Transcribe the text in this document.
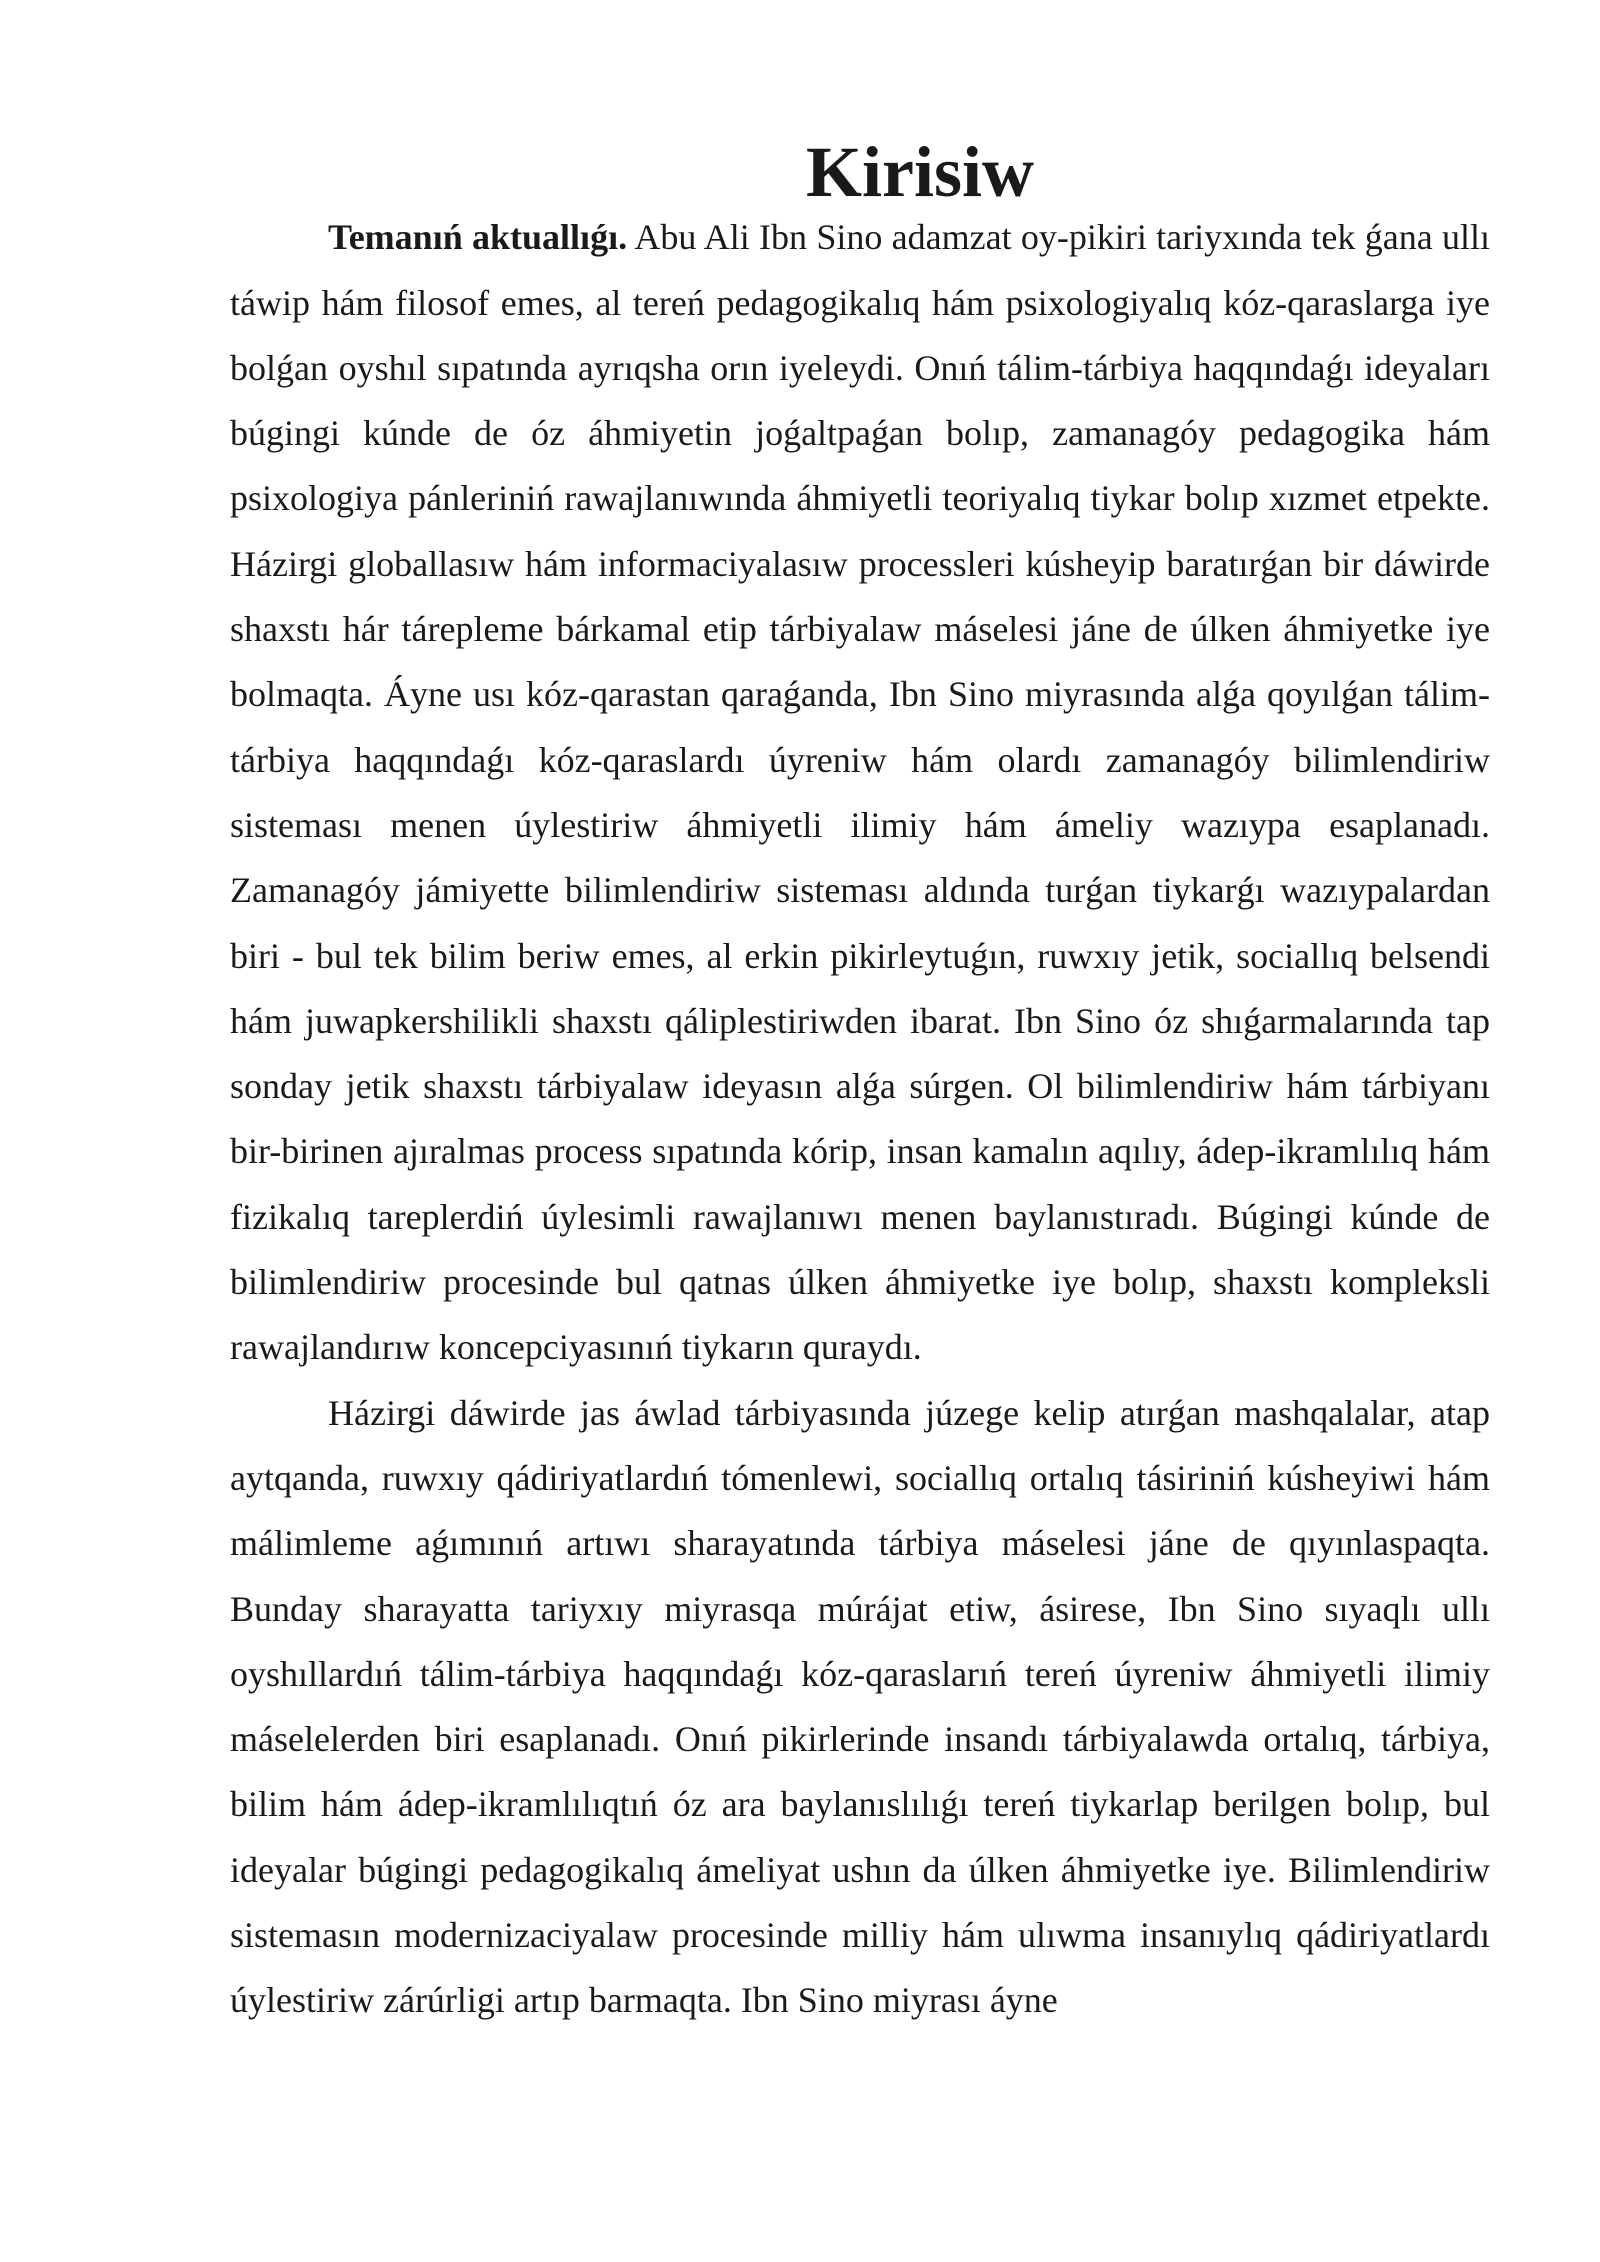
Kirisiw

Temanıń aktuallıǵı. Abu Ali Ibn Sino adamzat oy-pikiri tariyxında tek ǵana ullı táwip hám filosof emes, al tereń pedagogikalıq hám psixologiyalıq kóz-qaraslarga iye bolǵan oyshıl sıpatında ayrıqsha orın iyeleydi. Onıń tálim-tárbiya haqqındaǵı ideyaları búgingi kúnde de óz áhmiyetin joǵaltpaǵan bolıp, zamanagóy pedagogika hám psixologiya pánleriniń rawajlanıwında áhmiyetli teoriyalıq tiykar bolıp xızmet etpekte. Házirgi globallasıw hám informaciyalasıw processleri kúsheyip baratırǵan bir dáwirde shaxstı hár tárepleme bárkamal etip tárbiyalaw máselesi jáne de úlken áhmiyetke iye bolmaqta. Áyne usı kóz-qarastan qaraǵanda, Ibn Sino miyrasında alǵa qoyılǵan tálim-tárbiya haqqındaǵı kóz-qaraslardı úyreniw hám olardı zamanagóy bilimlendiriw sisteması menen úylestiriw áhmiyetli ilimiy hám ámeliy wazıypa esaplanadı. Zamanagóy jámiyette bilimlendiriw sisteması aldında turǵan tiykarǵı wazıypalardan biri - bul tek bilim beriw emes, al erkin pikirleytuǵın, ruwxıy jetik, sociallıq belsendi hám juwapkershilikli shaxstı qáliplestiriwden ibarat. Ibn Sino óz shıǵarmalarında tap sonday jetik shaxstı tárbiyalaw ideyasın alǵa súrgen. Ol bilimlendiriw hám tárbiyanı bir-birinen ajıralmas process sıpatında kórip, insan kamalın aqılıy, ádep-ikramlılıq hám fizikalıq tareplerdiń úylesimli rawajlanıwı menen baylanıstıradı. Búgingi kúnde de bilimlendiriw procesinde bul qatnas úlken áhmiyetke iye bolıp, shaxstı kompleksli rawajlandırıw koncepciyasınıń tiykarın quraydı.

Házirgi dáwirde jas áwlad tárbiyasında júzege kelip atırǵan mashqalalar, atap aytqanda, ruwxıy qádiriyatlardıń tómenlewi, sociallıq ortalıq tásiriniń kúsheyiwi hám málimleme aǵımınıń artıwı sharayatında tárbiya máselesi jáne de qıyınlaspaqta. Bunday sharayatta tariyxıy miyrasqa múrájat etiw, ásirese, Ibn Sino sıyaqlı ullı oyshıllardıń tálim-tárbiya haqqındaǵı kóz-qaraslarıń tereń úyreniw áhmiyetli ilimiy máselelerden biri esaplanadı. Onıń pikirlerinde insandı tárbiyalawda ortalıq, tárbiya, bilim hám ádep-ikramlılıqtıń óz ara baylanıslılıǵı tereń tiykarlap berilgen bolıp, bul ideyalar búgingi pedagogikalıq ámeliyat ushın da úlken áhmiyetke iye. Bilimlendiriw sistemasın modernizaciyalaw procesinde milliy hám ulıwma insanıylıq qádiriyatlardı úylestiriw zárúrligi artıp barmaqta. Ibn Sino miyrası áyne
